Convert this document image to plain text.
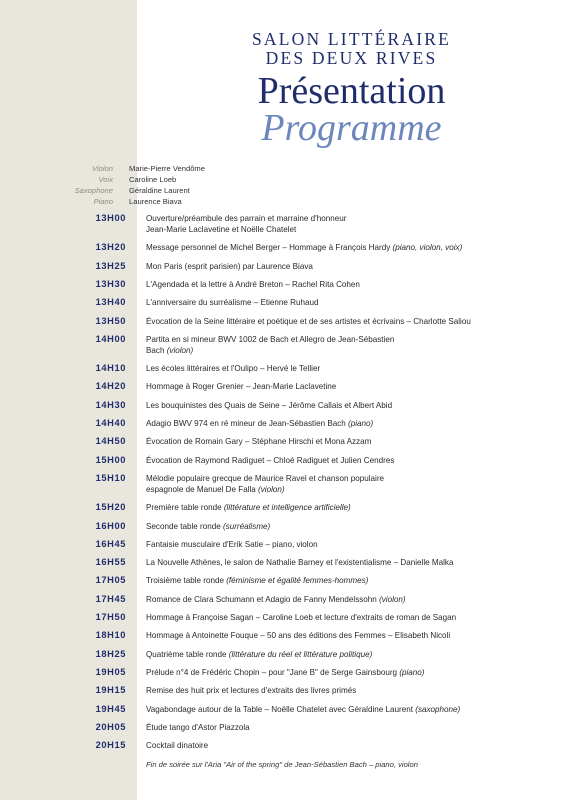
SALON LITTÉRAIRE
DES DEUX RIVES
Présentation
Programme
Violon	Marie-Pierre Vendôme
Voix	Caroline Loeb
Saxophone	Géraldine Laurent
Piano	Laurence Biava
13H00	Ouverture/préambule des parrain et marraine d'honneur
Jean-Marie Laclavetine et Noëlle Chatelet
13H20	Message personnel de Michel Berger – Hommage à François Hardy (piano, violon, voix)
13H25	Mon Paris (esprit parisien) par Laurence Biava
13H30	L'Agendada et la lettre à André Breton – Rachel Rita Cohen
13H40	L'anniversaire du surréalisme – Etienne Ruhaud
13H50	Évocation de la Seine littéraire et poétique et de ses artistes et écrivains – Charlotte Saliou
14H00	Partita en si mineur BWV 1002 de Bach et Allegro de Jean-Sébastien
Bach (violon)
14H10	Les écoles littéraires et l'Oulipo – Hervé le Tellier
14H20	Hommage à Roger Grenier – Jean-Marie Laclavetine
14H30	Les bouquinistes des Quais de Seine – Jérôme Callais et Albert Abid
14H40	Adagio BWV 974 en ré mineur de Jean-Sébastien Bach (piano)
14H50	Évocation de Romain Gary – Stéphane Hirschi et Mona Azzam
15H00	Évocation de Raymond Radiguet – Chloé Radiguet et Julien Cendres
15H10	Mélodie populaire grecque de Maurice Ravel et chanson populaire
espagnole de Manuel De Falla (violon)
15H20	Première table ronde (littérature et intelligence artificielle)
16H00	Seconde table ronde (surréalisme)
16H45	Fantaisie musculaire d'Erik Satie – piano, violon
16H55	La Nouvelle Athènes, le salon de Nathalie Barney et l'existentialisme – Danielle Malka
17H05	Troisième table ronde (féminisme et égalité femmes-hommes)
17H45	Romance de Clara Schumann et Adagio de Fanny Mendelssohn (violon)
17H50	Hommage à Françoise Sagan – Caroline Loeb et lecture d'extraits de roman de Sagan
18H10	Hommage à Antoinette Fouque – 50 ans des éditions des Femmes – Elisabeth Nicoli
18H25	Quatrième table ronde (littérature du réel et littérature politique)
19H05	Prélude n°4 de Frédéric Chopin – pour "Jane B" de Serge Gainsbourg (piano)
19H15	Remise des huit prix et lectures d'extraits des livres primés
19H45	Vagabondage autour de la Table – Noëlle Chatelet avec Géraldine Laurent (saxophone)
20H05	Étude tango d'Astor Piazzola
20H15	Cocktail dinatoire
Fin de soirée sur l'Aria "Air of the spring" de Jean-Sébastien Bach – piano, violon
